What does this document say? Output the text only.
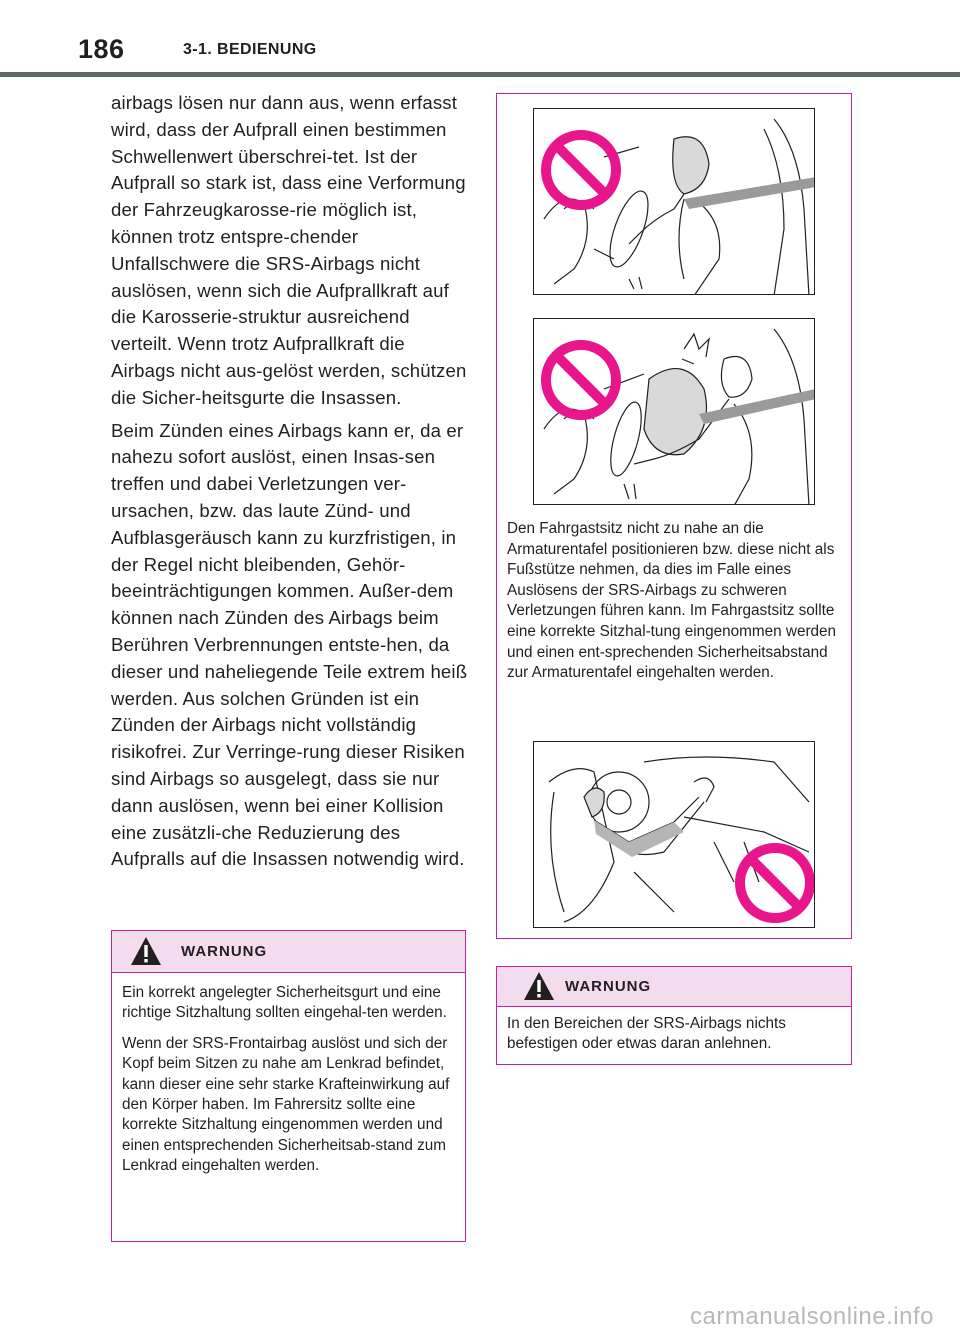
186	3-1. BEDIENUNG

airbags lösen nur dann aus, wenn erfasst wird, dass der Aufprall einen bestimmen Schwellenwert überschrei-tet. Ist der Aufprall so stark ist, dass eine Verformung der Fahrzeugkarosse-rie möglich ist, können trotz entspre-chender Unfallschwere die SRS-Airbags nicht auslösen, wenn sich die Aufprallkraft auf die Karosserie-struktur ausreichend verteilt. Wenn trotz Aufprallkraft die Airbags nicht aus-gelöst werden, schützen die Sicher-heitsgurte die Insassen.

Beim Zünden eines Airbags kann er, da er nahezu sofort auslöst, einen Insas-sen treffen und dabei Verletzungen ver-ursachen, bzw. das laute Zünd- und Aufblasgeräusch kann zu kurzfristigen, in der Regel nicht bleibenden, Gehör-beeinträchtigungen kommen. Außer-dem können nach Zünden des Airbags beim Berühren Verbrennungen entste-hen, da dieser und naheliegende Teile extrem heiß werden. Aus solchen Gründen ist ein Zünden der Airbags nicht vollständig risikofrei. Zur Verringe-rung dieser Risiken sind Airbags so ausgelegt, dass sie nur dann auslösen, wenn bei einer Kollision eine zusätzli-che Reduzierung des Aufpralls auf die Insassen notwendig wird.

WARNUNG

Ein korrekt angelegter Sicherheitsgurt und eine richtige Sitzhaltung sollten eingehal-ten werden.

Wenn der SRS-Frontairbag auslöst und sich der Kopf beim Sitzen zu nahe am Lenkrad befindet, kann dieser eine sehr starke Krafteinwirkung auf den Körper haben. Im Fahrersitz sollte eine korrekte Sitzhaltung eingenommen werden und einen entsprechenden Sicherheitsab-stand zum Lenkrad eingehalten werden.

Den Fahrgastsitz nicht zu nahe an die Armaturentafel positionieren bzw. diese nicht als Fußstütze nehmen, da dies im Falle eines Auslösens der SRS-Airbags zu schweren Verletzungen führen kann. Im Fahrgastsitz sollte eine korrekte Sitzhal-tung eingenommen werden und einen ent-sprechenden Sicherheitsabstand zur Armaturentafel eingehalten werden.
WARNUNG

In den Bereichen der SRS-Airbags nichts befestigen oder etwas daran anlehnen.

carmanualsonline.info
